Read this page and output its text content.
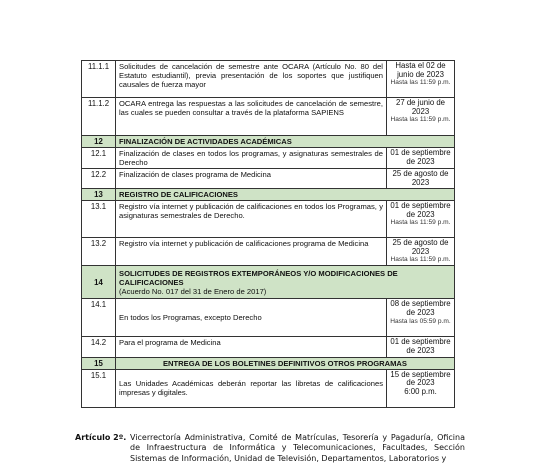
11.1.1	Solicitudes de cancelación de semestre ante OCARA (Artículo No. 80 del Estatuto estudiantil), previa presentación de los soportes que justifiquen causales de fuerza mayor	Hasta el 02 de junio de 2023
Hasta las 11:59 p.m.

11.1.2	OCARA entrega las respuestas a las solicitudes de cancelación de semestre, las cuales se pueden consultar a través de la plataforma SAPIENS	27 de junio de 2023
Hasta las 11:59 p.m.

12	FINALIZACIÓN DE ACTIVIDADES ACADÉMICAS	
12.1	Finalización de clases en todos los programas, y asignaturas semestrales de Derecho	01 de septiembre de 2023
12.2	Finalización de clases programa de Medicina	25 de agosto de 2023
13	REGISTRO DE CALIFICACIONES	
13.1	Registro vía internet y publicación de calificaciones en todos los Programas, y asignaturas semestrales de Derecho.	01 de septiembre de 2023
Hasta las 11:59 p.m.

13.2	Registro vía internet y publicación de calificaciones programa de Medicina	25 de agosto de 2023
Hasta las 11:59 p.m.

14	SOLICITUDES DE REGISTROS EXTEMPORÁNEOS Y/O MODIFICACIONES DE CALIFICACIONES
(Acuerdo No. 017 del 31 de Enero de 2017)	

14.1	En todos los Programas, excepto Derecho	08 de septiembre de 2023
Hasta las 05:59 p.m.

14.2	Para el programa de Medicina	01 de septiembre de 2023
15	ENTREGA DE LOS BOLETINES DEFINITIVOS OTROS PROGRAMAS	
15.1	Las Unidades Académicas deberán reportar las libretas de calificaciones impresas y digitales.	15 de septiembre de 2023
6:00 p.m.
Artículo 2º. Vicerrectoría Administrativa, Comité de Matrículas, Tesorería y Pagaduría, Oficina de Infraestructura de Informática y Telecomunicaciones, Facultades, Sección Sistemas de Información, Unidad de Televisión, Departamentos, Laboratorios y
